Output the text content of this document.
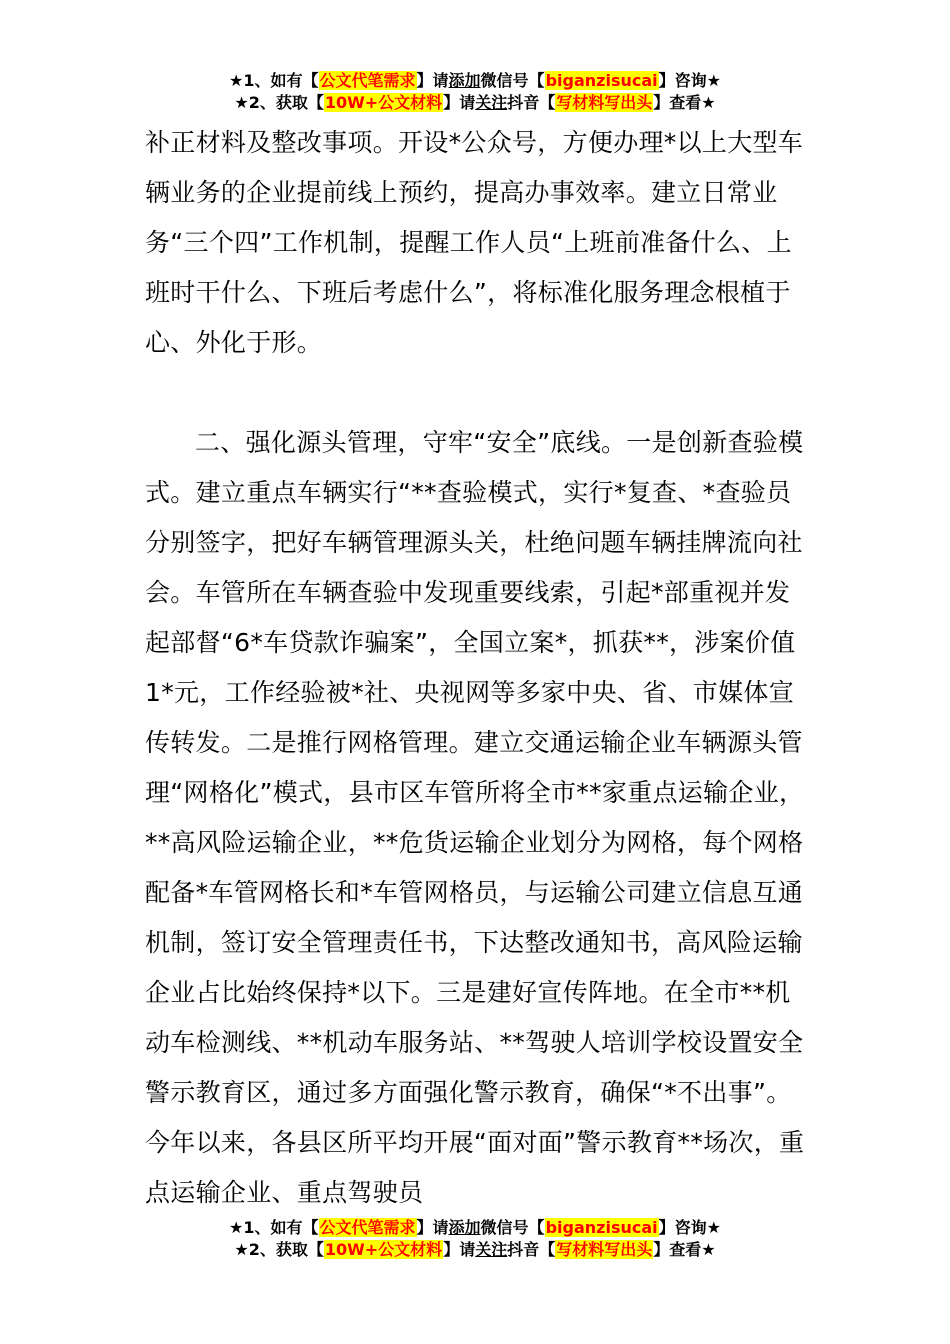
★1、如有【公文代笔需求】请添加微信号【biganzisucai】咨询★
★2、获取【10W+公文材料】请关注抖音【写材料写出头】查看★

补正材料及整改事项。开设*公众号，方便办理*以上大型车辆业务的企业提前线上预约，提高办事效率。建立日常业务“三个四”工作机制，提醒工作人员“上班前准备什么、上班时干什么、下班后考虑什么”，将标准化服务理念根植于心、外化于形。

二、强化源头管理，守牢“安全”底线。一是创新查验模式。建立重点车辆实行“**查验模式，实行*复查、*查验员分别签字，把好车辆管理源头关，杜绝问题车辆挂牌流向社会。车管所在车辆查验中发现重要线索，引起*部重视并发起部督“6*车贷款诈骗案”，全国立案*，抓获**，涉案价值1*元，工作经验被*社、央视网等多家中央、省、市媒体宣传转发。二是推行网格管理。建立交通运输企业车辆源头管理“网格化”模式，县市区车管所将全市**家重点运输企业，**高风险运输企业，**危货运输企业划分为网格，每个网格配备*车管网格长和*车管网格员，与运输公司建立信息互通机制，签订安全管理责任书，下达整改通知书，高风险运输企业占比始终保持*以下。三是建好宣传阵地。在全市**机动车检测线、**机动车服务站、**驾驶人培训学校设置安全警示教育区，通过多方面强化警示教育，确保“*不出事”。今年以来，各县区所平均开展“面对面”警示教育**场次，重点运输企业、重点驾驶员

★1、如有【公文代笔需求】请添加微信号【biganzisucai】咨询★
★2、获取【10W+公文材料】请关注抖音【写材料写出头】查看★
